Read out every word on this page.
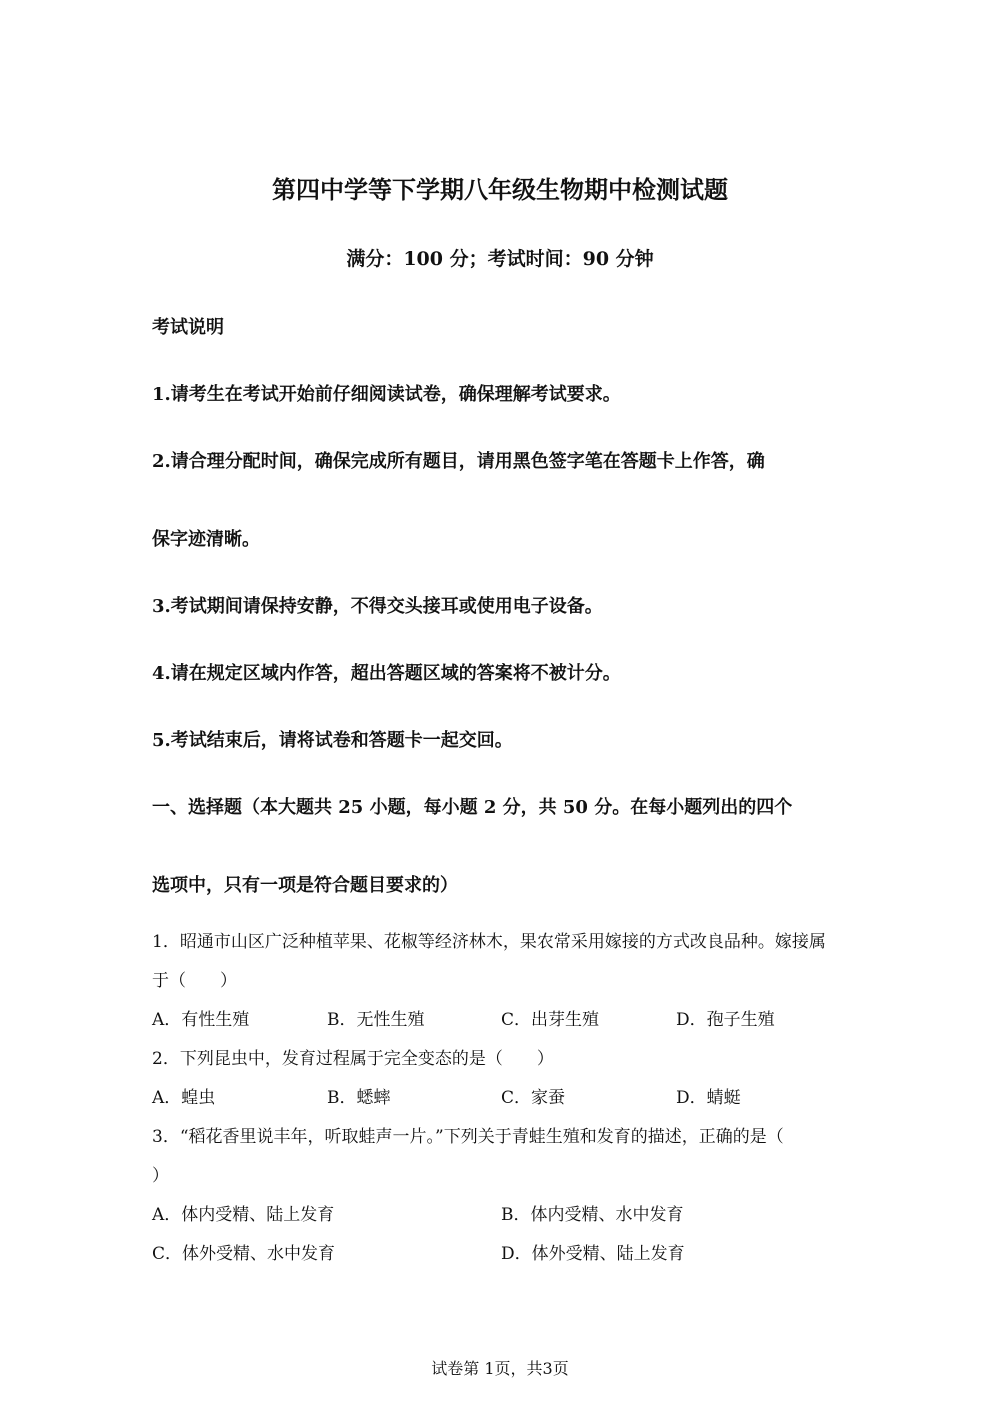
第四中学等下学期八年级生物期中检测试题
满分：100 分；考试时间：90 分钟
考试说明
1.请考生在考试开始前仔细阅读试卷，确保理解考试要求。
2.请合理分配时间，确保完成所有题目，请用黑色签字笔在答题卡上作答，确
保字迹清晰。
3.考试期间请保持安静，不得交头接耳或使用电子设备。
4.请在规定区域内作答，超出答题区域的答案将不被计分。
5.考试结束后，请将试卷和答题卡一起交回。
一、选择题（本大题共 25 小题，每小题 2 分，共 50 分。在每小题列出的四个
选项中，只有一项是符合题目要求的）
1．昭通市山区广泛种植苹果、花椒等经济林木，果农常采用嫁接的方式改良品种。嫁接属
于（　　）
A．有性生殖	B．无性生殖	C．出芽生殖	D．孢子生殖
2．下列昆虫中，发育过程属于完全变态的是（　　）
A．蝗虫	B．蟋蟀	C．家蚕	D．蜻蜓
3．“稻花香里说丰年，听取蛙声一片。”下列关于青蛙生殖和发育的描述，正确的是（
）
A．体内受精、陆上发育	B．体内受精、水中发育
C．体外受精、水中发育	D．体外受精、陆上发育
试卷第 1页，共3页
